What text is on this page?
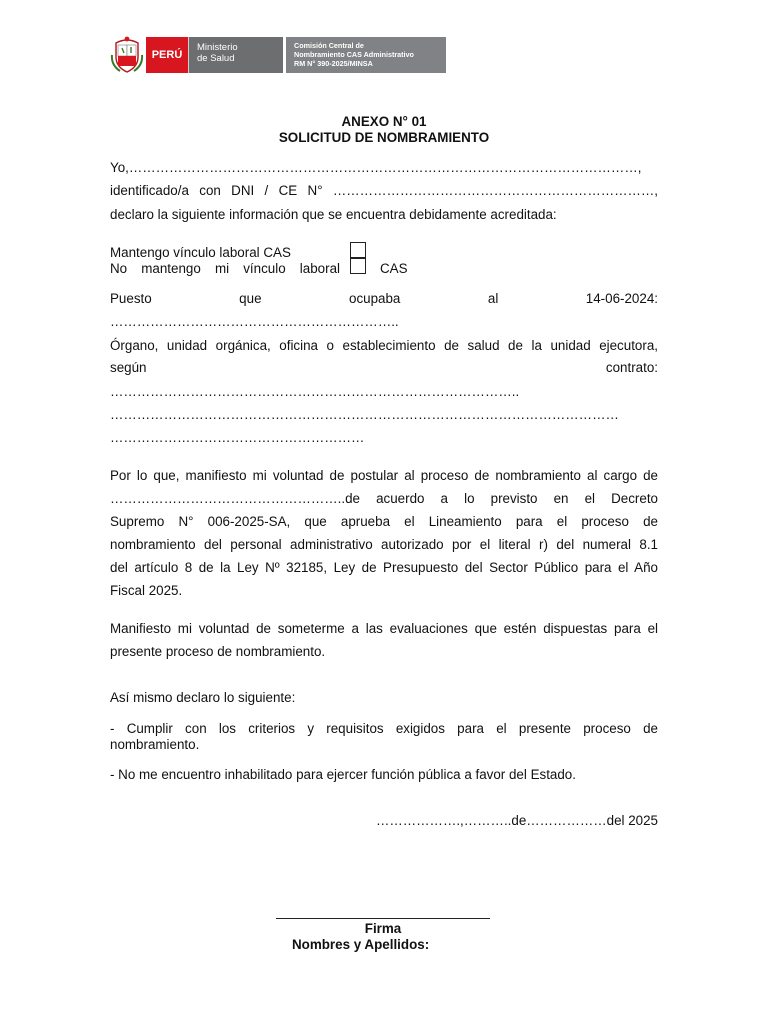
PERÚ
Ministerio
de Salud
Comisión Central de
Nombramiento CAS Administrativo
RM N° 390-2025/MINSA
ANEXO N° 01
SOLICITUD DE NOMBRAMIENTO
Yo,……………………………………………………………………………………………………,
identificado/a con DNI / CE N° ………………………………………………………………,
declaro la siguiente información que se encuentra debidamente acreditada:
Mantengo vínculo laboral CAS
No mantengo mi vínculo laboral	CAS
Puesto que ocupaba al 14-06-2024:
………………………………………………………..
Órgano, unidad orgánica, oficina o establecimiento de salud de la unidad ejecutora,
según contrato:
………………………………………………………………………………..
……………………………………………………………………………………………………
…………………………………………………
Por lo que, manifiesto mi voluntad de postular al proceso de nombramiento al cargo de
……………………………………………..de acuerdo a lo previsto en el Decreto
Supremo N° 006-2025-SA, que aprueba el Lineamiento para el proceso de
nombramiento del personal administrativo autorizado por el literal r) del numeral 8.1
del artículo 8 de la Ley Nº 32185, Ley de Presupuesto del Sector Público para el Año
Fiscal 2025.
Manifiesto mi voluntad de someterme a las evaluaciones que estén dispuestas para el
presente proceso de nombramiento.
Así mismo declaro lo siguiente:
- Cumplir con los criterios y requisitos exigidos para el presente proceso de
nombramiento.
- No me encuentro inhabilitado para ejercer función pública a favor del Estado.
……………….,………..de………………del 2025
Firma
Nombres y Apellidos:
